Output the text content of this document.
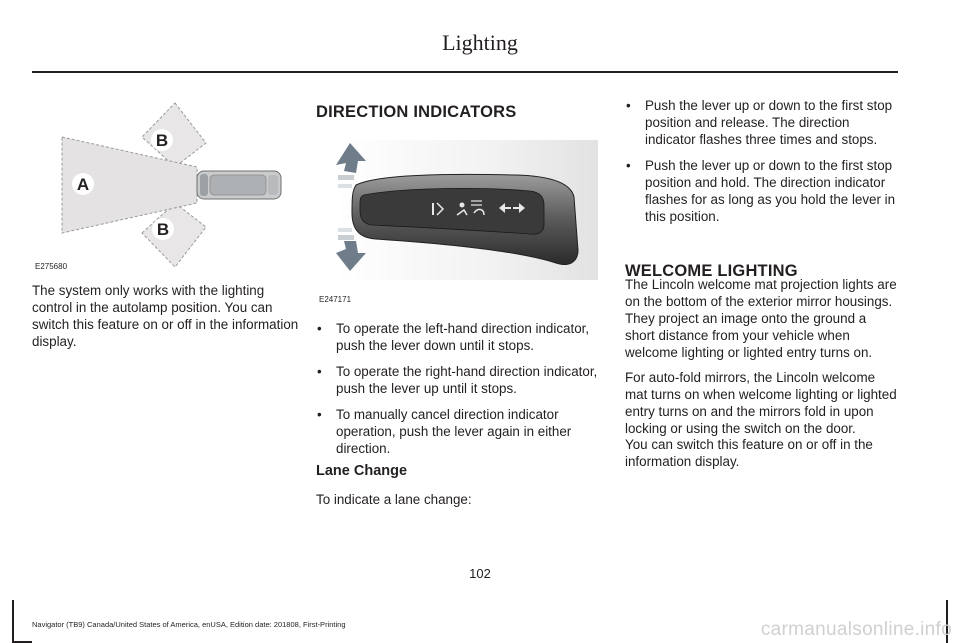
Lighting
B
A
B
E275680

The system only works with the lighting control in the autolamp position. You can switch this feature on or off in the information display.

DIRECTION INDICATORS
E247171
• To operate the left-hand direction indicator, push the lever down until it stops.
• To operate the right-hand direction indicator, push the lever up until it stops.
• To manually cancel direction indicator operation, push the lever again in either direction.
Lane Change

To indicate a lane change:

• Push the lever up or down to the first stop position and release. The direction indicator flashes three times and stops.
• Push the lever up or down to the first stop position and hold. The direction indicator flashes for as long as you hold the lever in this position.
WELCOME LIGHTING

The Lincoln welcome mat projection lights are on the bottom of the exterior mirror housings. They project an image onto the ground a short distance from your vehicle when welcome lighting or lighted entry turns on.

For auto-fold mirrors, the Lincoln welcome mat turns on when welcome lighting or lighted entry turns on and the mirrors fold in upon locking or using the switch on the door.

You can switch this feature on or off in the information display.

102
Navigator (TB9) Canada/United States of America, enUSA, Edition date: 201808, First-Printing	carmanualsonline.info
